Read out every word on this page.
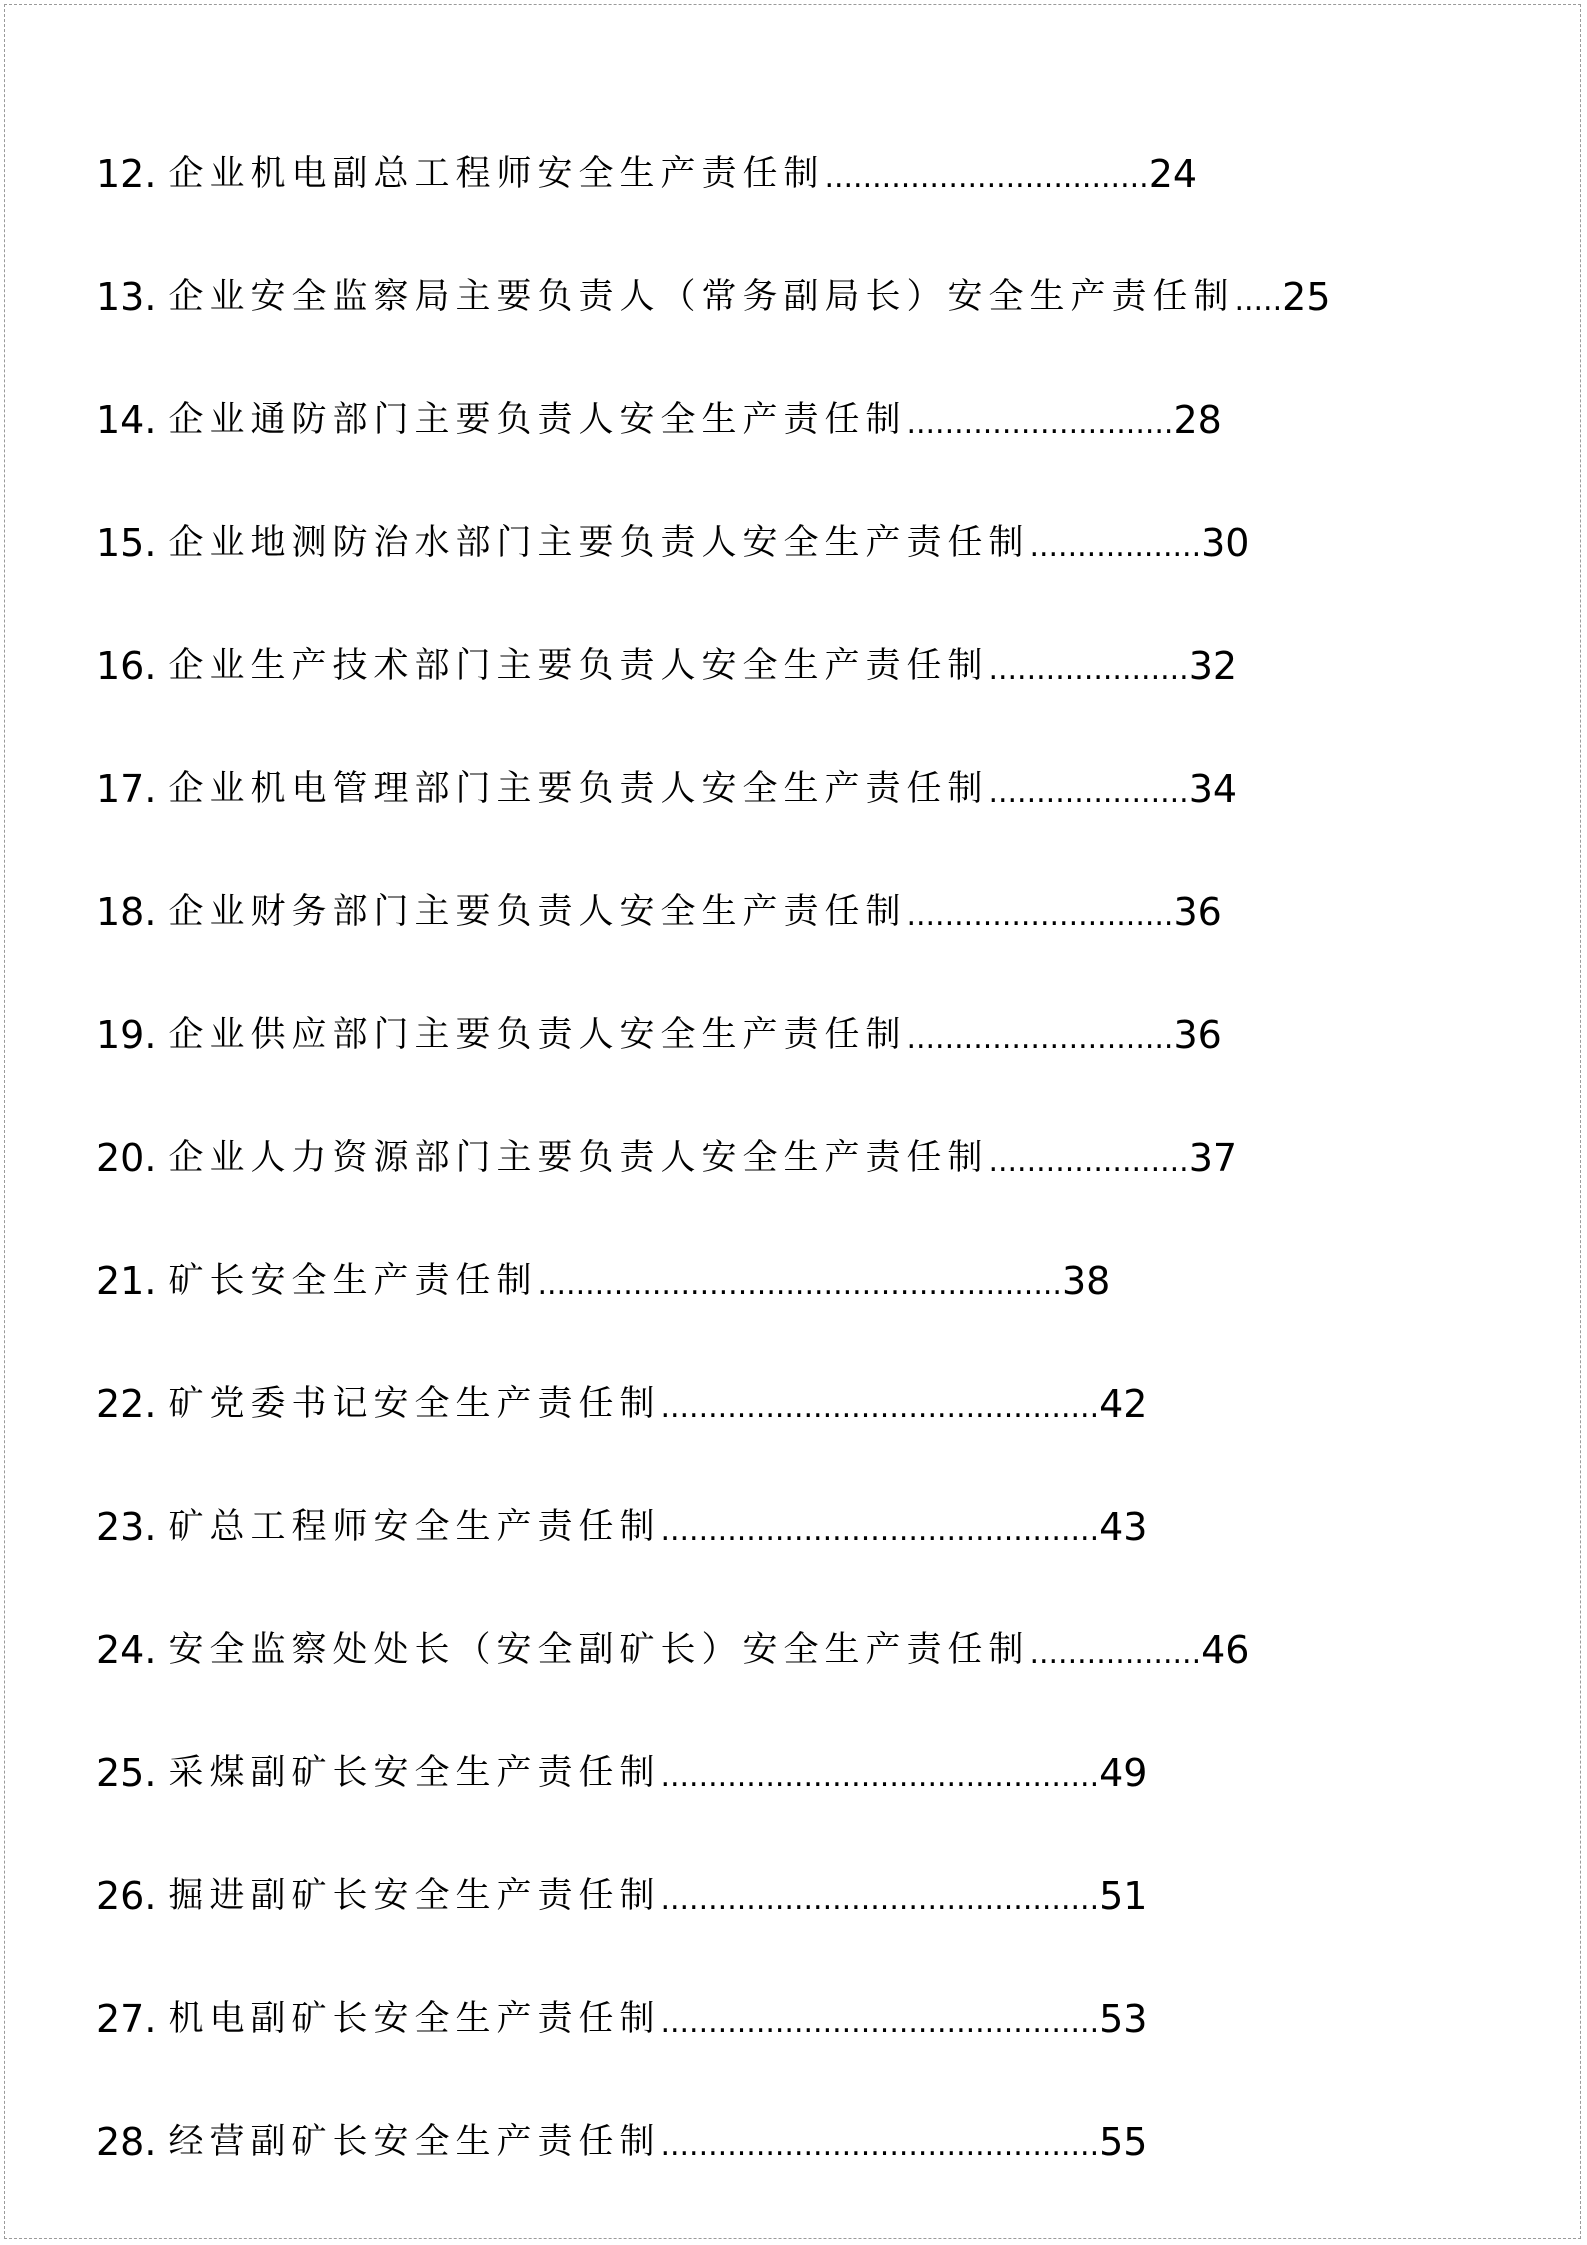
12. 企业机电副总工程师安全生产责任制 .................................. 24
13. 企业安全监察局主要负责人（常务副局长）安全生产责任制 ..... 25
14. 企业通防部门主要负责人安全生产责任制 ............................ 28
15. 企业地测防治水部门主要负责人安全生产责任制 .................. 30
16. 企业生产技术部门主要负责人安全生产责任制 ..................... 32
17. 企业机电管理部门主要负责人安全生产责任制 ..................... 34
18. 企业财务部门主要负责人安全生产责任制 ............................ 36
19. 企业供应部门主要负责人安全生产责任制 ............................ 36
20. 企业人力资源部门主要负责人安全生产责任制 ..................... 37
21. 矿长安全生产责任制 ....................................................... 38
22. 矿党委书记安全生产责任制 .............................................. 42
23. 矿总工程师安全生产责任制 .............................................. 43
24. 安全监察处处长（安全副矿长）安全生产责任制 .................. 46
25. 采煤副矿长安全生产责任制 .............................................. 49
26. 掘进副矿长安全生产责任制 .............................................. 51
27. 机电副矿长安全生产责任制 .............................................. 53
28. 经营副矿长安全生产责任制 .............................................. 55
